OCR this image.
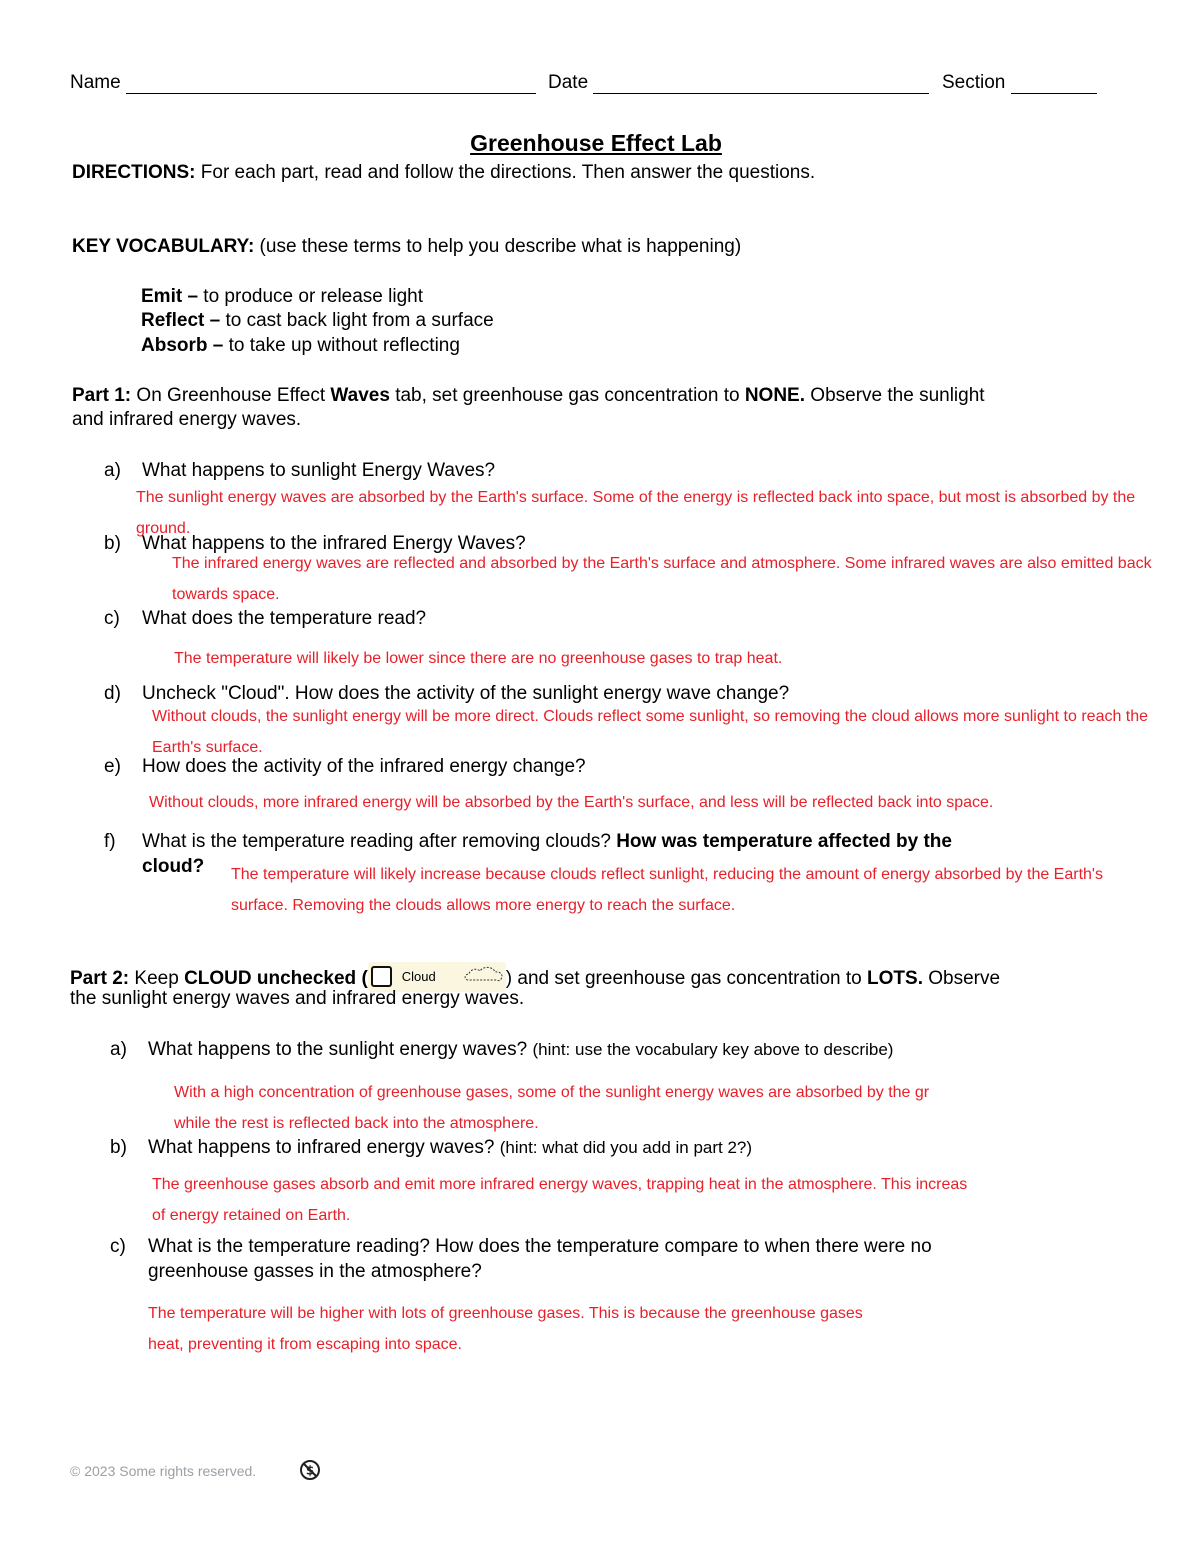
Name	Date	Section
Greenhouse Effect Lab
DIRECTIONS: For each part, read and follow the directions. Then answer the questions.
KEY VOCABULARY: (use these terms to help you describe what is happening)
Emit – to produce or release light
Reflect – to cast back light from a surface
Absorb – to take up without reflecting
Part 1: On Greenhouse Effect Waves tab, set greenhouse gas concentration to NONE. Observe the sunlight
and infrared energy waves.
a) What happens to sunlight Energy Waves?
The sunlight energy waves are absorbed by the Earth's surface. Some of the energy is reflected back into space, but most is absorbed by the ground.
b) What happens to the infrared Energy Waves?
The infrared energy waves are reflected and absorbed by the Earth's surface and atmosphere. Some infrared waves are also emitted back towards space.
c) What does the temperature read?
The temperature will likely be lower since there are no greenhouse gases to trap heat.
d) Uncheck "Cloud". How does the activity of the sunlight energy wave change?
Without clouds, the sunlight energy will be more direct. Clouds reflect some sunlight, so removing the cloud allows more sunlight to reach the Earth's surface.
e) How does the activity of the infrared energy change?
Without clouds, more infrared energy will be absorbed by the Earth's surface, and less will be reflected back into space.
f) What is the temperature reading after removing clouds? How was temperature affected by the
cloud? The temperature will likely increase because clouds reflect sunlight, reducing the amount of energy absorbed by the Earth's surface. Removing the clouds allows more energy to reach the surface.
Part 2: Keep CLOUD unchecked (	Cloud	) and set greenhouse gas concentration to LOTS. Observe
the sunlight energy waves and infrared energy waves.
a) What happens to the sunlight energy waves? (hint: use the vocabulary key above to describe)
With a high concentration of greenhouse gases, some of the sunlight energy waves are absorbed by the gr
while the rest is reflected back into the atmosphere.
b) What happens to infrared energy waves? (hint: what did you add in part 2?)
The greenhouse gases absorb and emit more infrared energy waves, trapping heat in the atmosphere. This increas
of energy retained on Earth.
c) What is the temperature reading? How does the temperature compare to when there were no
greenhouse gasses in the atmosphere?
The temperature will be higher with lots of greenhouse gases. This is because the greenhouse gases
heat, preventing it from escaping into space.
© 2023 Some rights reserved.	$
